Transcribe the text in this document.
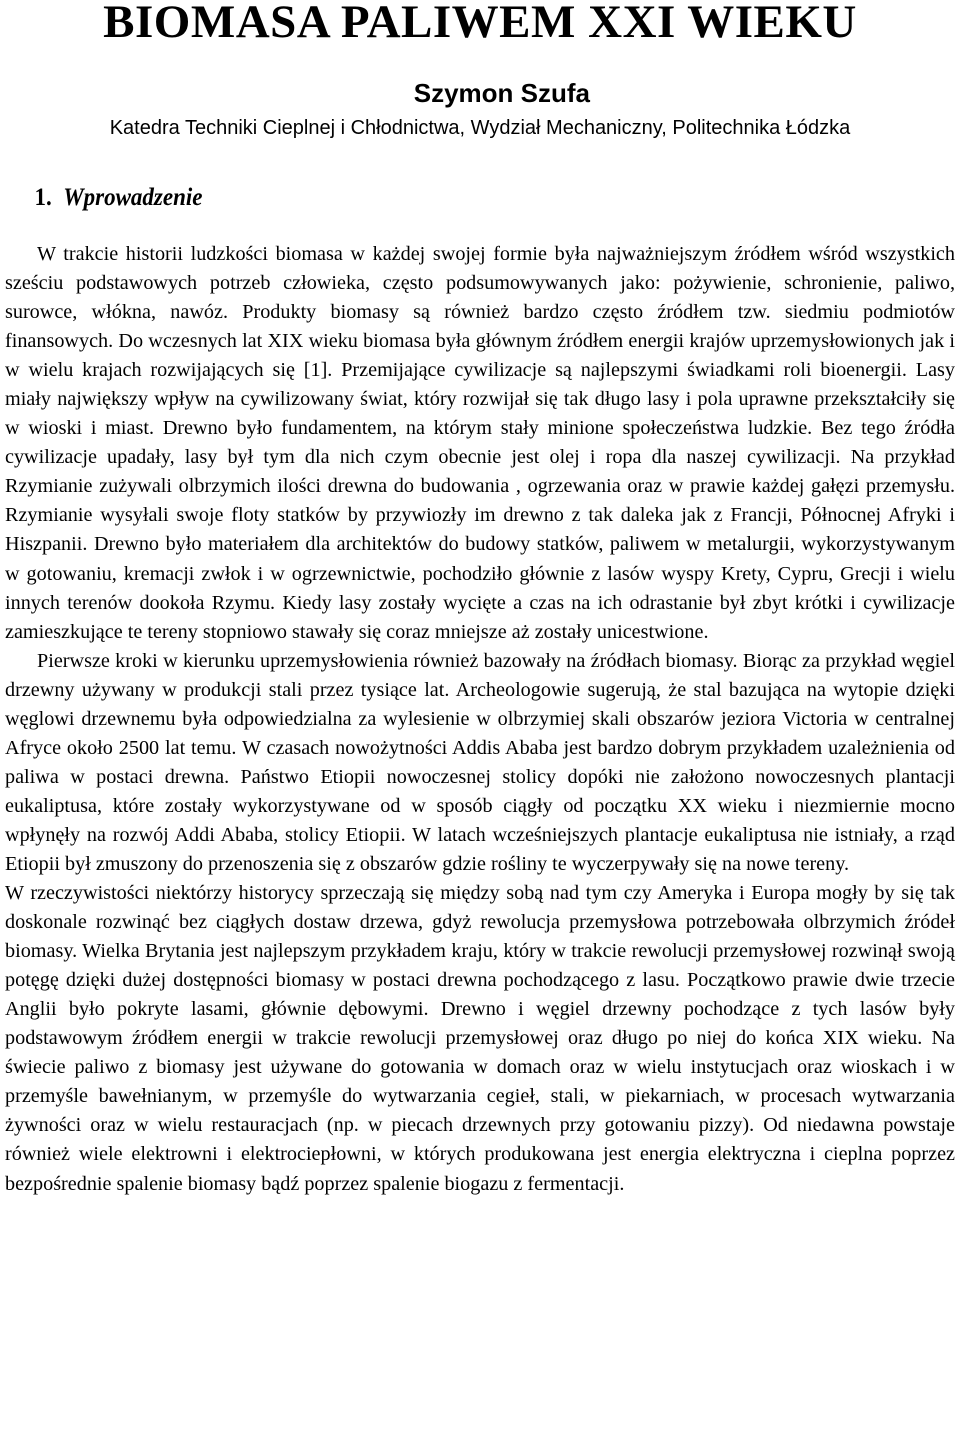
BIOMASA PALIWEM XXI WIEKU

Szymon Szufa

Katedra Techniki Cieplnej i Chłodnictwa, Wydział Mechaniczny, Politechnika Łódzka

1. Wprowadzenie

W trakcie historii ludzkości biomasa w każdej swojej formie była najważniejszym źródłem wśród wszystkich sześciu podstawowych potrzeb człowieka, często podsumowywanych jako: pożywienie, schronienie, paliwo, surowce, włókna, nawóz. Produkty biomasy są również bardzo często źródłem tzw. siedmiu podmiotów finansowych. Do wczesnych lat XIX wieku biomasa była głównym źródłem energii krajów uprzemysłowionych jak i w wielu krajach rozwijających się [1]. Przemijające cywilizacje są najlepszymi świadkami roli bioenergii. Lasy miały największy wpływ na cywilizowany świat, który rozwijał się tak długo lasy i pola uprawne przekształciły się w wioski i miast. Drewno było fundamentem, na którym stały minione społeczeństwa ludzkie. Bez tego źródła cywilizacje upadały, lasy był tym dla nich czym obecnie jest olej i ropa dla naszej cywilizacji. Na przykład Rzymianie zużywali olbrzymich ilości drewna do budowania , ogrzewania oraz w prawie każdej gałęzi przemysłu. Rzymianie wysyłali swoje floty statków by przywiozły im drewno z tak daleka jak z Francji, Północnej Afryki i Hiszpanii. Drewno było materiałem dla architektów do budowy statków, paliwem w metalurgii, wykorzystywanym w gotowaniu, kremacji zwłok i w ogrzewnictwie, pochodziło głównie z lasów wyspy Krety, Cypru, Grecji i wielu innych terenów dookoła Rzymu. Kiedy lasy zostały wycięte a czas na ich odrastanie był zbyt krótki i cywilizacje zamieszkujące te tereny stopniowo stawały się coraz mniejsze aż zostały unicestwione.

Pierwsze kroki w kierunku uprzemysłowienia również bazowały na źródłach biomasy. Biorąc za przykład węgiel drzewny używany w produkcji stali przez tysiące lat. Archeologowie sugerują, że stal bazująca na wytopie dzięki węglowi drzewnemu była odpowiedzialna za wylesienie w olbrzymiej skali obszarów jeziora Victoria w centralnej Afryce około 2500 lat temu. W czasach nowożytności Addis Ababa jest bardzo dobrym przykładem uzależnienia od paliwa w postaci drewna. Państwo Etiopii nowoczesnej stolicy dopóki nie założono nowoczesnych plantacji eukaliptusa, które zostały wykorzystywane od w sposób ciągły od początku XX wieku i niezmiernie mocno wpłynęły na rozwój Addi Ababa, stolicy Etiopii. W latach wcześniejszych plantacje eukaliptusa nie istniały, a rząd Etiopii był zmuszony do przenoszenia się z obszarów gdzie rośliny te wyczerpywały się na nowe tereny.

W rzeczywistości niektórzy historycy sprzeczają się między sobą nad tym czy Ameryka i Europa mogły by się tak doskonale rozwinąć bez ciągłych dostaw drzewa, gdyż rewolucja przemysłowa potrzebowała olbrzymich źródeł biomasy. Wielka Brytania jest najlepszym przykładem kraju, który w trakcie rewolucji przemysłowej rozwinął swoją potęgę dzięki dużej dostępności biomasy w postaci drewna pochodzącego z lasu. Początkowo prawie dwie trzecie Anglii było pokryte lasami, głównie dębowymi. Drewno i węgiel drzewny pochodzące z tych lasów były podstawowym źródłem energii w trakcie rewolucji przemysłowej oraz długo po niej do końca XIX wieku. Na świecie paliwo z biomasy jest używane do gotowania w domach oraz w wielu instytucjach oraz wioskach i w przemyśle bawełnianym, w przemyśle do wytwarzania cegieł, stali, w piekarniach, w procesach wytwarzania żywności oraz w wielu restauracjach (np. w piecach drzewnych przy gotowaniu pizzy). Od niedawna powstaje również wiele elektrowni i elektrociepłowni, w których produkowana jest energia elektryczna i cieplna poprzez bezpośrednie spalenie biomasy bądź poprzez spalenie biogazu z fermentacji.
